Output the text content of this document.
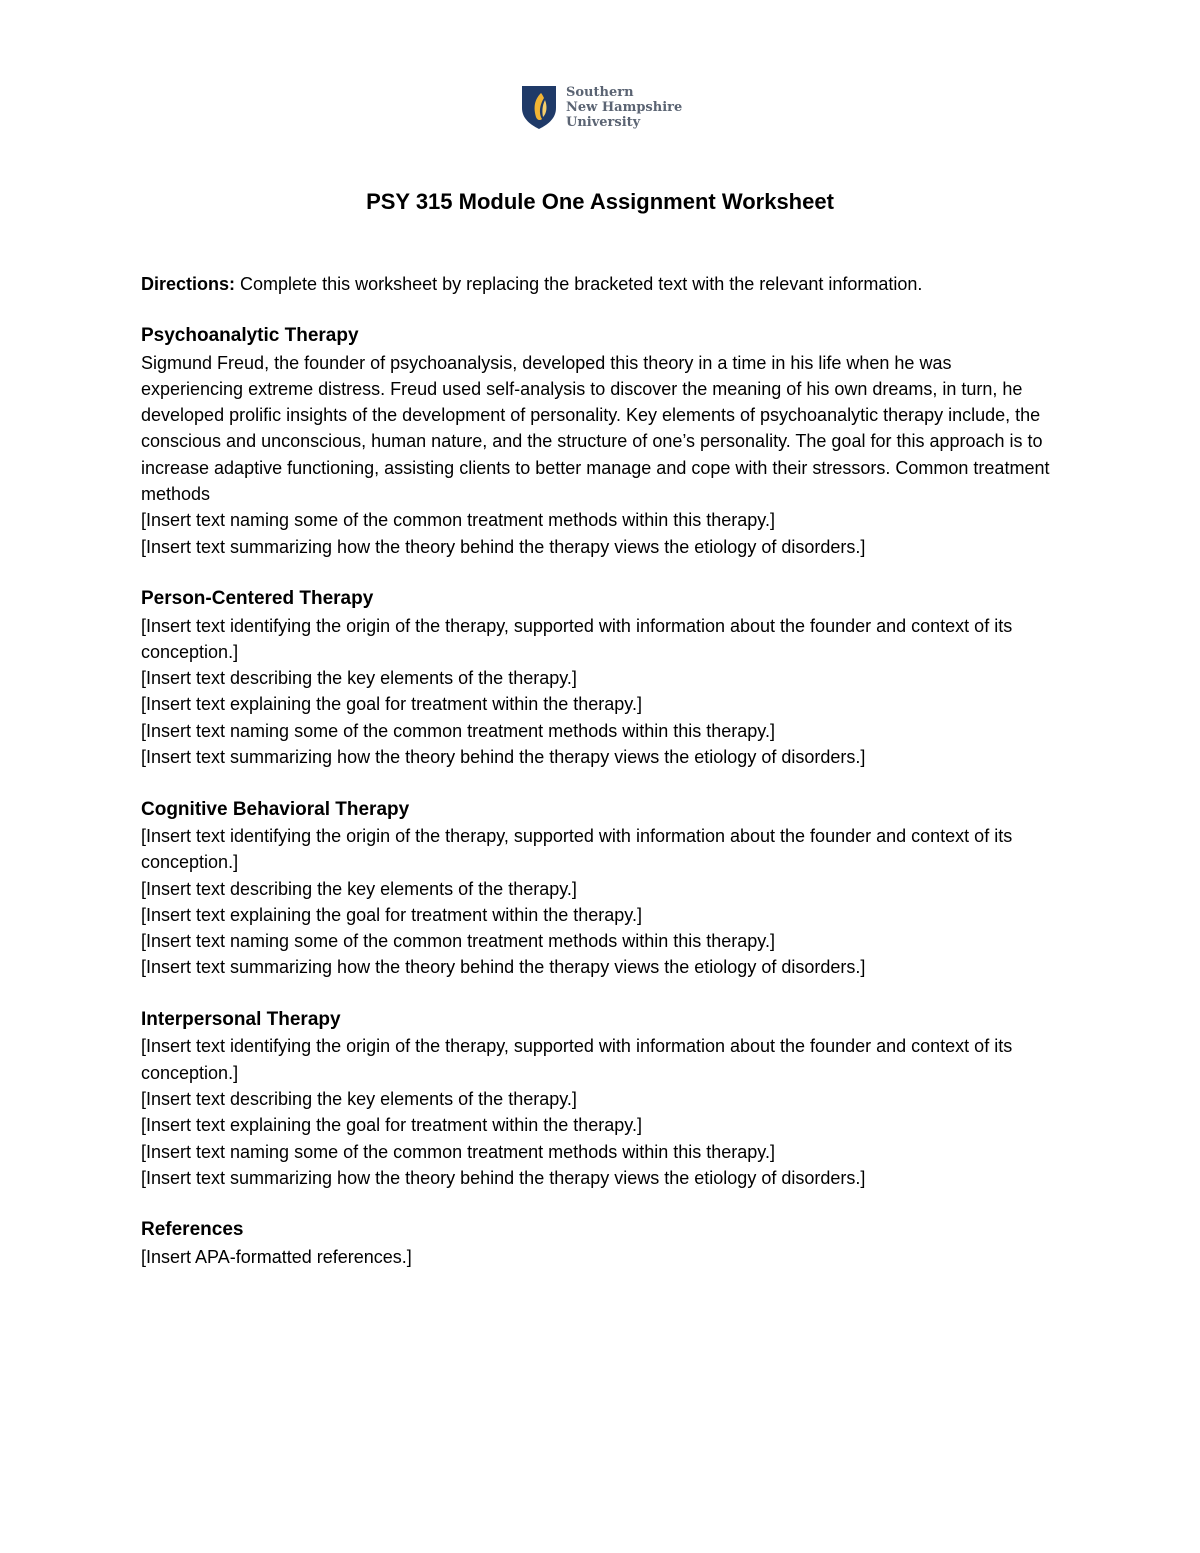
Southern
New Hampshire
University
PSY 315 Module One Assignment Worksheet

Directions: Complete this worksheet by replacing the bracketed text with the relevant information.

Psychoanalytic Therapy

Sigmund Freud, the founder of psychoanalysis, developed this theory in a time in his life when he was experiencing extreme distress. Freud used self-analysis to discover the meaning of his own dreams, in turn, he developed prolific insights of the development of personality. Key elements of psychoanalytic therapy include, the conscious and unconscious, human nature, and the structure of one’s personality. The goal for this approach is to increase adaptive functioning, assisting clients to better manage and cope with their stressors. Common treatment methods

[Insert text naming some of the common treatment methods within this therapy.]
[Insert text summarizing how the theory behind the therapy views the etiology of disorders.]
Person-Centered Therapy
[Insert text identifying the origin of the therapy, supported with information about the founder and context of its conception.]
[Insert text describing the key elements of the therapy.]
[Insert text explaining the goal for treatment within the therapy.]
[Insert text naming some of the common treatment methods within this therapy.]
[Insert text summarizing how the theory behind the therapy views the etiology of disorders.]
Cognitive Behavioral Therapy
[Insert text identifying the origin of the therapy, supported with information about the founder and context of its conception.]
[Insert text describing the key elements of the therapy.]
[Insert text explaining the goal for treatment within the therapy.]
[Insert text naming some of the common treatment methods within this therapy.]
[Insert text summarizing how the theory behind the therapy views the etiology of disorders.]
Interpersonal Therapy
[Insert text identifying the origin of the therapy, supported with information about the founder and context of its conception.]
[Insert text describing the key elements of the therapy.]
[Insert text explaining the goal for treatment within the therapy.]
[Insert text naming some of the common treatment methods within this therapy.]
[Insert text summarizing how the theory behind the therapy views the etiology of disorders.]
References
[Insert APA-formatted references.]
